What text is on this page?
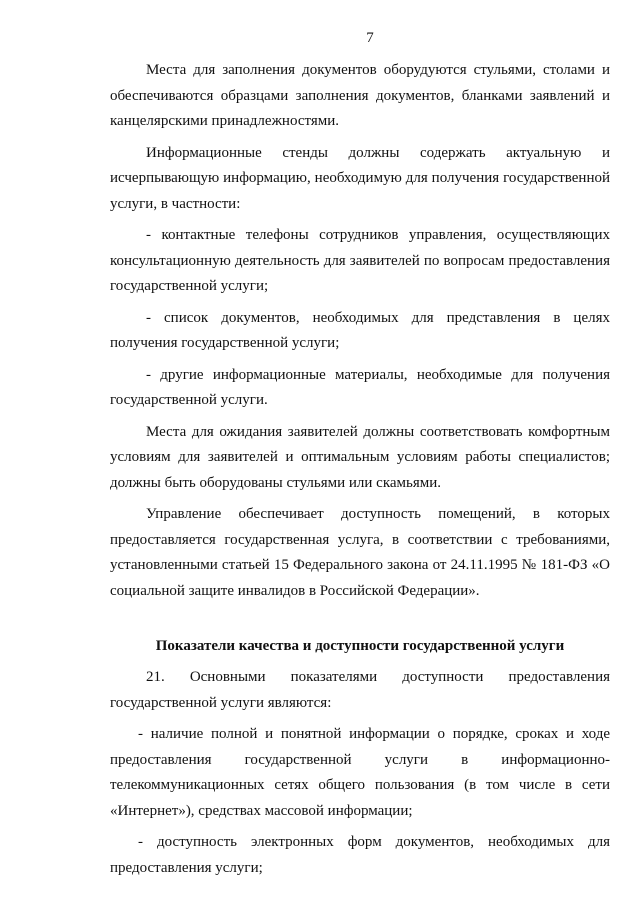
7

Места для заполнения документов оборудуются стульями, столами и обеспечиваются образцами заполнения документов, бланками заявлений и канцелярскими принадлежностями.

Информационные стенды должны содержать актуальную и исчерпывающую информацию, необходимую для получения государственной услуги, в частности:

- контактные телефоны сотрудников управления, осуществляющих консультационную деятельность для заявителей по вопросам предоставления государственной услуги;

- список документов, необходимых для представления в целях получения государственной услуги;

- другие информационные материалы, необходимые для получения государственной услуги.

Места для ожидания заявителей должны соответствовать комфортным условиям для заявителей и оптимальным условиям работы специалистов; должны быть оборудованы стульями или скамьями.

Управление обеспечивает доступность помещений, в которых предоставляется государственная услуга, в соответствии с требованиями, установленными статьей 15 Федерального закона от 24.11.1995 № 181-ФЗ «О социальной защите инвалидов в Российской Федерации».

Показатели качества и доступности государственной услуги

21. Основными показателями доступности предоставления государственной услуги являются:

- наличие полной и понятной информации о порядке, сроках и ходе предоставления государственной услуги в информационно-телекоммуникационных сетях общего пользования (в том числе в сети «Интернет»), средствах массовой информации;

- доступность электронных форм документов, необходимых для предоставления услуги;
